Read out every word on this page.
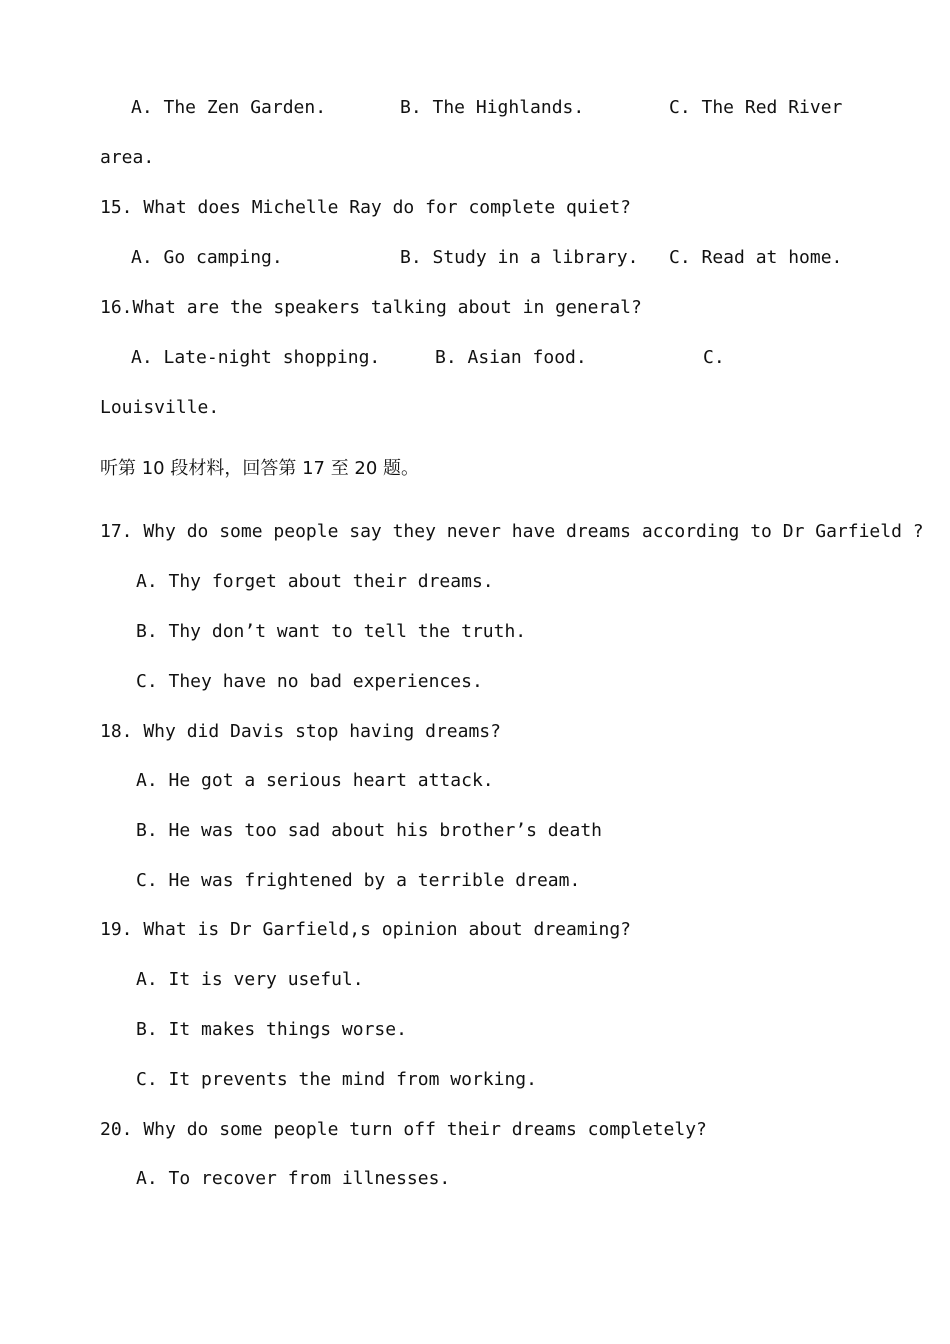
A. The Zen Garden.	B. The Highlands.	C. The Red River

area.

15. What does Michelle Ray do for complete quiet?

A. Go camping.	B. Study in a library. C. Read at home.

16.What are the speakers talking about in general?

A. Late-night shopping.	B. Asian food.	C.

Louisville.

听第 10 段材料，回答第 17 至 20 题。

17. Why do some people say they never have dreams according to Dr Garfield ?

A. Thy forget about their dreams.

B. Thy don’t want to tell the truth.

C. They have no bad experiences.

18. Why did Davis stop having dreams?

A. He got a serious heart attack.

B. He was too sad about his brother’s death

C. He was frightened by a terrible dream.

19. What is Dr Garfield,s opinion about dreaming?

A. It is very useful.

B. It makes things worse.

C. It prevents the mind from working.

20. Why do some people turn off their dreams completely?

A. To recover from illnesses.
